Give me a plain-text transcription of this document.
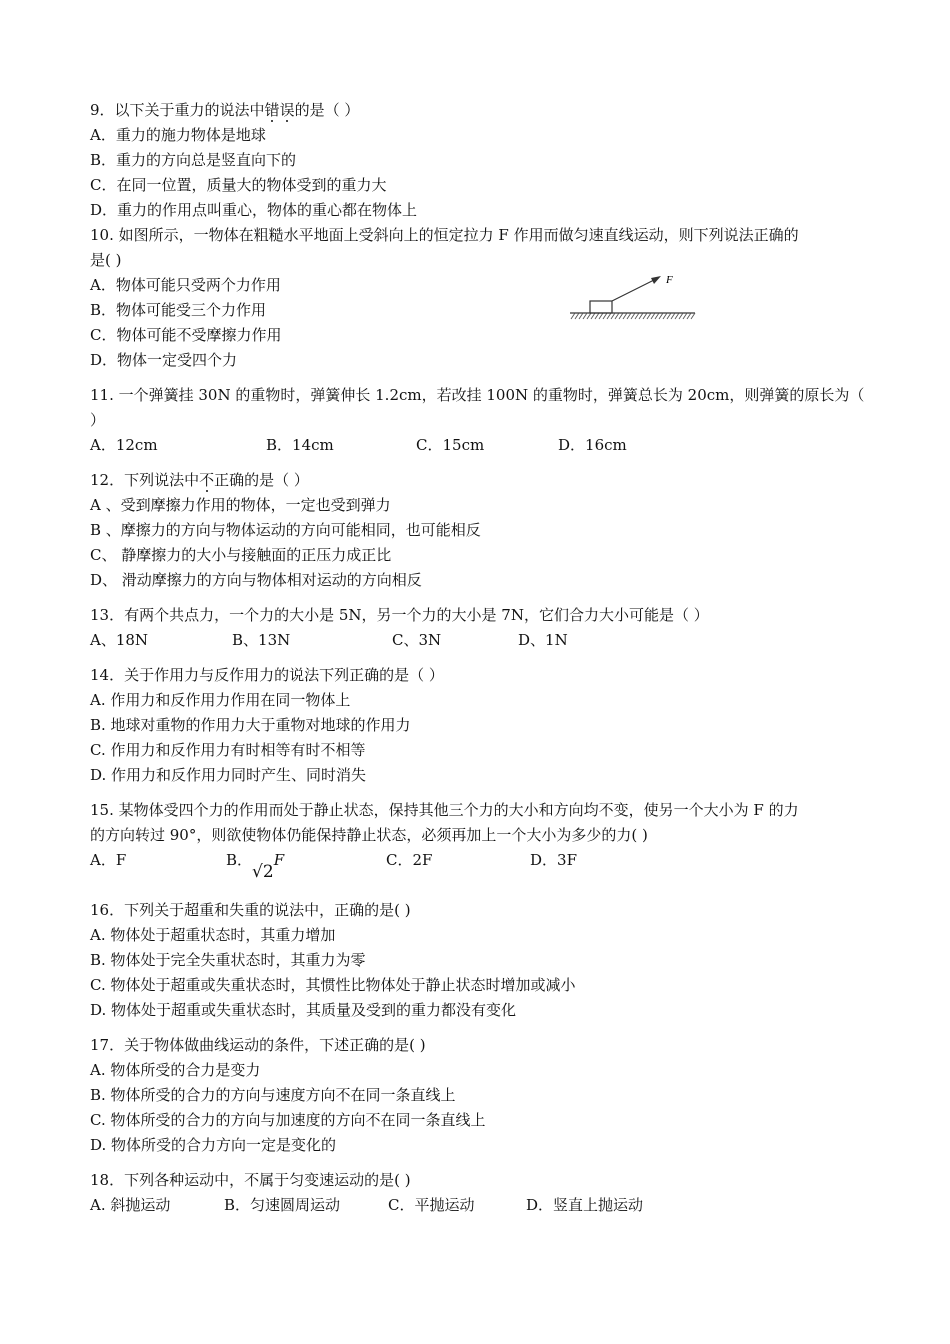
9．以下关于重力的说法中错误的是（ ）
A．重力的施力物体是地球
B．重力的方向总是竖直向下的
C．在同一位置，质量大的物体受到的重力大
D．重力的作用点叫重心，物体的重心都在物体上
10. 如图所示，一物体在粗糙水平地面上受斜向上的恒定拉力 F 作用而做匀速直线运动，则下列说法正确的
是( )
A．物体可能只受两个力作用
B．物体可能受三个力作用
C．物体可能不受摩擦力作用
D．物体一定受四个力
F
11. 一个弹簧挂 30N 的重物时，弹簧伸长 1.2cm，若改挂 100N 的重物时，弹簧总长为 20cm，则弹簧的原长为（
）
A．12cm	B．14cm	C．15cm	D．16cm
12．下列说法中不正确的是（ ）
A 、受到摩擦力作用的物体，一定也受到弹力
B 、摩擦力的方向与物体运动的方向可能相同，也可能相反
C、 静摩擦力的大小与接触面的正压力成正比
D、 滑动摩擦力的方向与物体相对运动的方向相反
13．有两个共点力，一个力的大小是 5N，另一个力的大小是 7N，它们合力大小可能是（ ）
A、18N	B、13N	C、3N	D、1N
14．关于作用力与反作用力的说法下列正确的是（ ）
A. 作用力和反作用力作用在同一物体上
B. 地球对重物的作用力大于重物对地球的作用力
C. 作用力和反作用力有时相等有时不相等
D. 作用力和反作用力同时产生、同时消失
15. 某物体受四个力的作用而处于静止状态，保持其他三个力的大小和方向均不变，使另一个大小为 F 的力
的方向转过 90°，则欲使物体仍能保持静止状态，必须再加上一个大小为多少的力( )
A．F	B．√2F	C．2F	D．3F
16．下列关于超重和失重的说法中，正确的是( )
A. 物体处于超重状态时，其重力增加
B. 物体处于完全失重状态时，其重力为零
C. 物体处于超重或失重状态时，其惯性比物体处于静止状态时增加或减小
D. 物体处于超重或失重状态时，其质量及受到的重力都没有变化
17．关于物体做曲线运动的条件，下述正确的是( )
A. 物体所受的合力是变力
B. 物体所受的合力的方向与速度方向不在同一条直线上
C. 物体所受的合力的方向与加速度的方向不在同一条直线上
D. 物体所受的合力方向一定是变化的
18．下列各种运动中，不属于匀变速运动的是( )
A. 斜抛运动	B．匀速圆周运动	C．平抛运动	D．竖直上抛运动
